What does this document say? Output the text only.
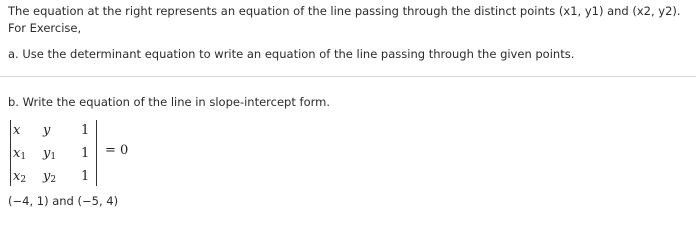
The equation at the right represents an equation of the line passing through the distinct points (x1, y1) and (x2, y2). For Exercise,

a. Use the determinant equation to write an equation of the line passing through the given points.

b. Write the equation of the line in slope-intercept form.

x y 1
$x_1$ $y_1$ 1
$x_2$ $y_2$ 1
= 0

(−4, 1) and (−5, 4)
